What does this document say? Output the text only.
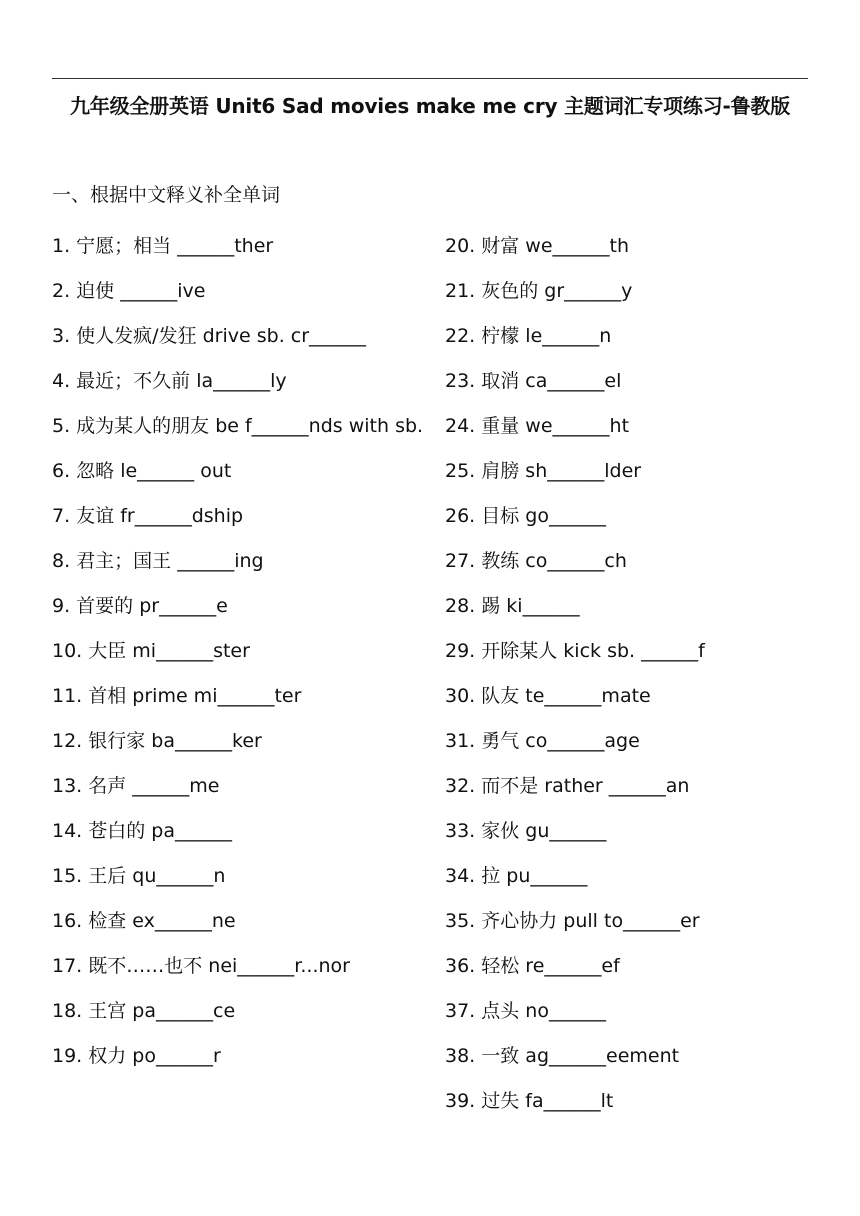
九年级全册英语 Unit6 Sad movies make me cry 主题词汇专项练习-鲁教版
一、根据中文释义补全单词
1. 宁愿；相当 ______ther
2. 迫使 ______ive
3. 使人发疯/发狂 drive sb. cr______
4. 最近；不久前 la______ly
5. 成为某人的朋友 be f______nds with sb.
6. 忽略 le______ out
7. 友谊 fr______dship
8. 君主；国王 ______ing
9. 首要的 pr______e
10. 大臣 mi______ster
11. 首相 prime mi______ter
12. 银行家 ba______ker
13. 名声 ______me
14. 苍白的 pa______
15. 王后 qu______n
16. 检查 ex______ne
17. 既不……也不 nei______r...nor
18. 王宫 pa______ce
19. 权力 po______r
20. 财富 we______th
21. 灰色的 gr______y
22. 柠檬 le______n
23. 取消 ca______el
24. 重量 we______ht
25. 肩膀 sh______lder
26. 目标 go______
27. 教练 co______ch
28. 踢 ki______
29. 开除某人 kick sb. ______f
30. 队友 te______mate
31. 勇气 co______age
32. 而不是 rather ______an
33. 家伙 gu______
34. 拉 pu______
35. 齐心协力 pull to______er
36. 轻松 re______ef
37. 点头 no______
38. 一致 ag______eement
39. 过失 fa______lt
